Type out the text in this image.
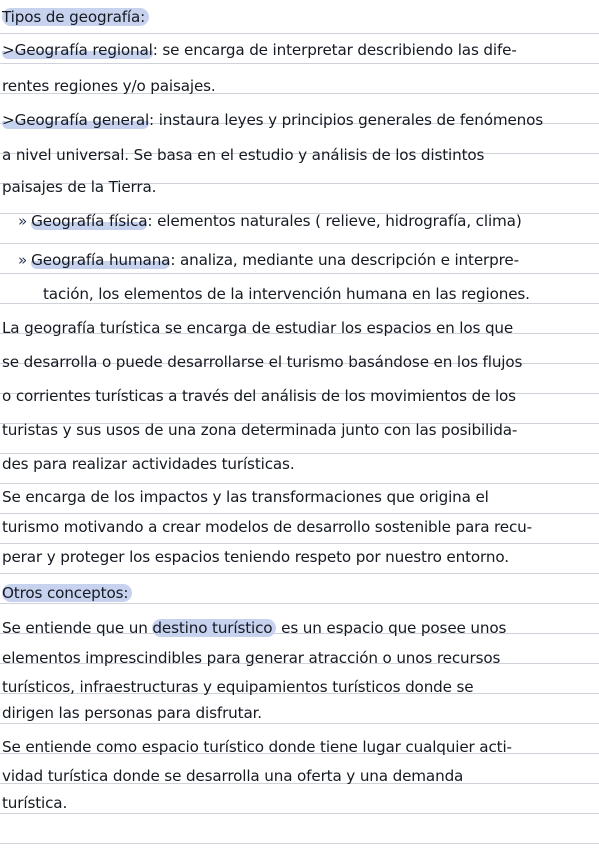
Tipos de geografía:
>Geografía regional: se encarga de interpretar describiendo las dife-
rentes regiones y/o paisajes.
>Geografía general: instaura leyes y principios generales de fenómenos
a nivel universal. Se basa en el estudio y análisis de los distintos
paisajes de la Tierra.
» Geografía física: elementos naturales ( relieve, hidrografía, clima)
» Geografía humana: analiza, mediante una descripción e interpre-
tación, los elementos de la intervención humana en las regiones.
La geografía turística se encarga de estudiar los espacios en los que
se desarrolla o puede desarrollarse el turismo basándose en los flujos
o corrientes turísticas a través del análisis de los movimientos de los
turistas y sus usos de una zona determinada junto con las posibilida-
des para realizar actividades turísticas.
Se encarga de los impactos y las transformaciones que origina el
turismo motivando a crear modelos de desarrollo sostenible para recu-
perar y proteger los espacios teniendo respeto por nuestro entorno.
Otros conceptos:
Se entiende que un destino turístico es un espacio que posee unos
elementos imprescindibles para generar atracción o unos recursos
turísticos, infraestructuras y equipamientos turísticos donde se
dirigen las personas para disfrutar.
Se entiende como espacio turístico donde tiene lugar cualquier acti-
vidad turística donde se desarrolla una oferta y una demanda
turística.
